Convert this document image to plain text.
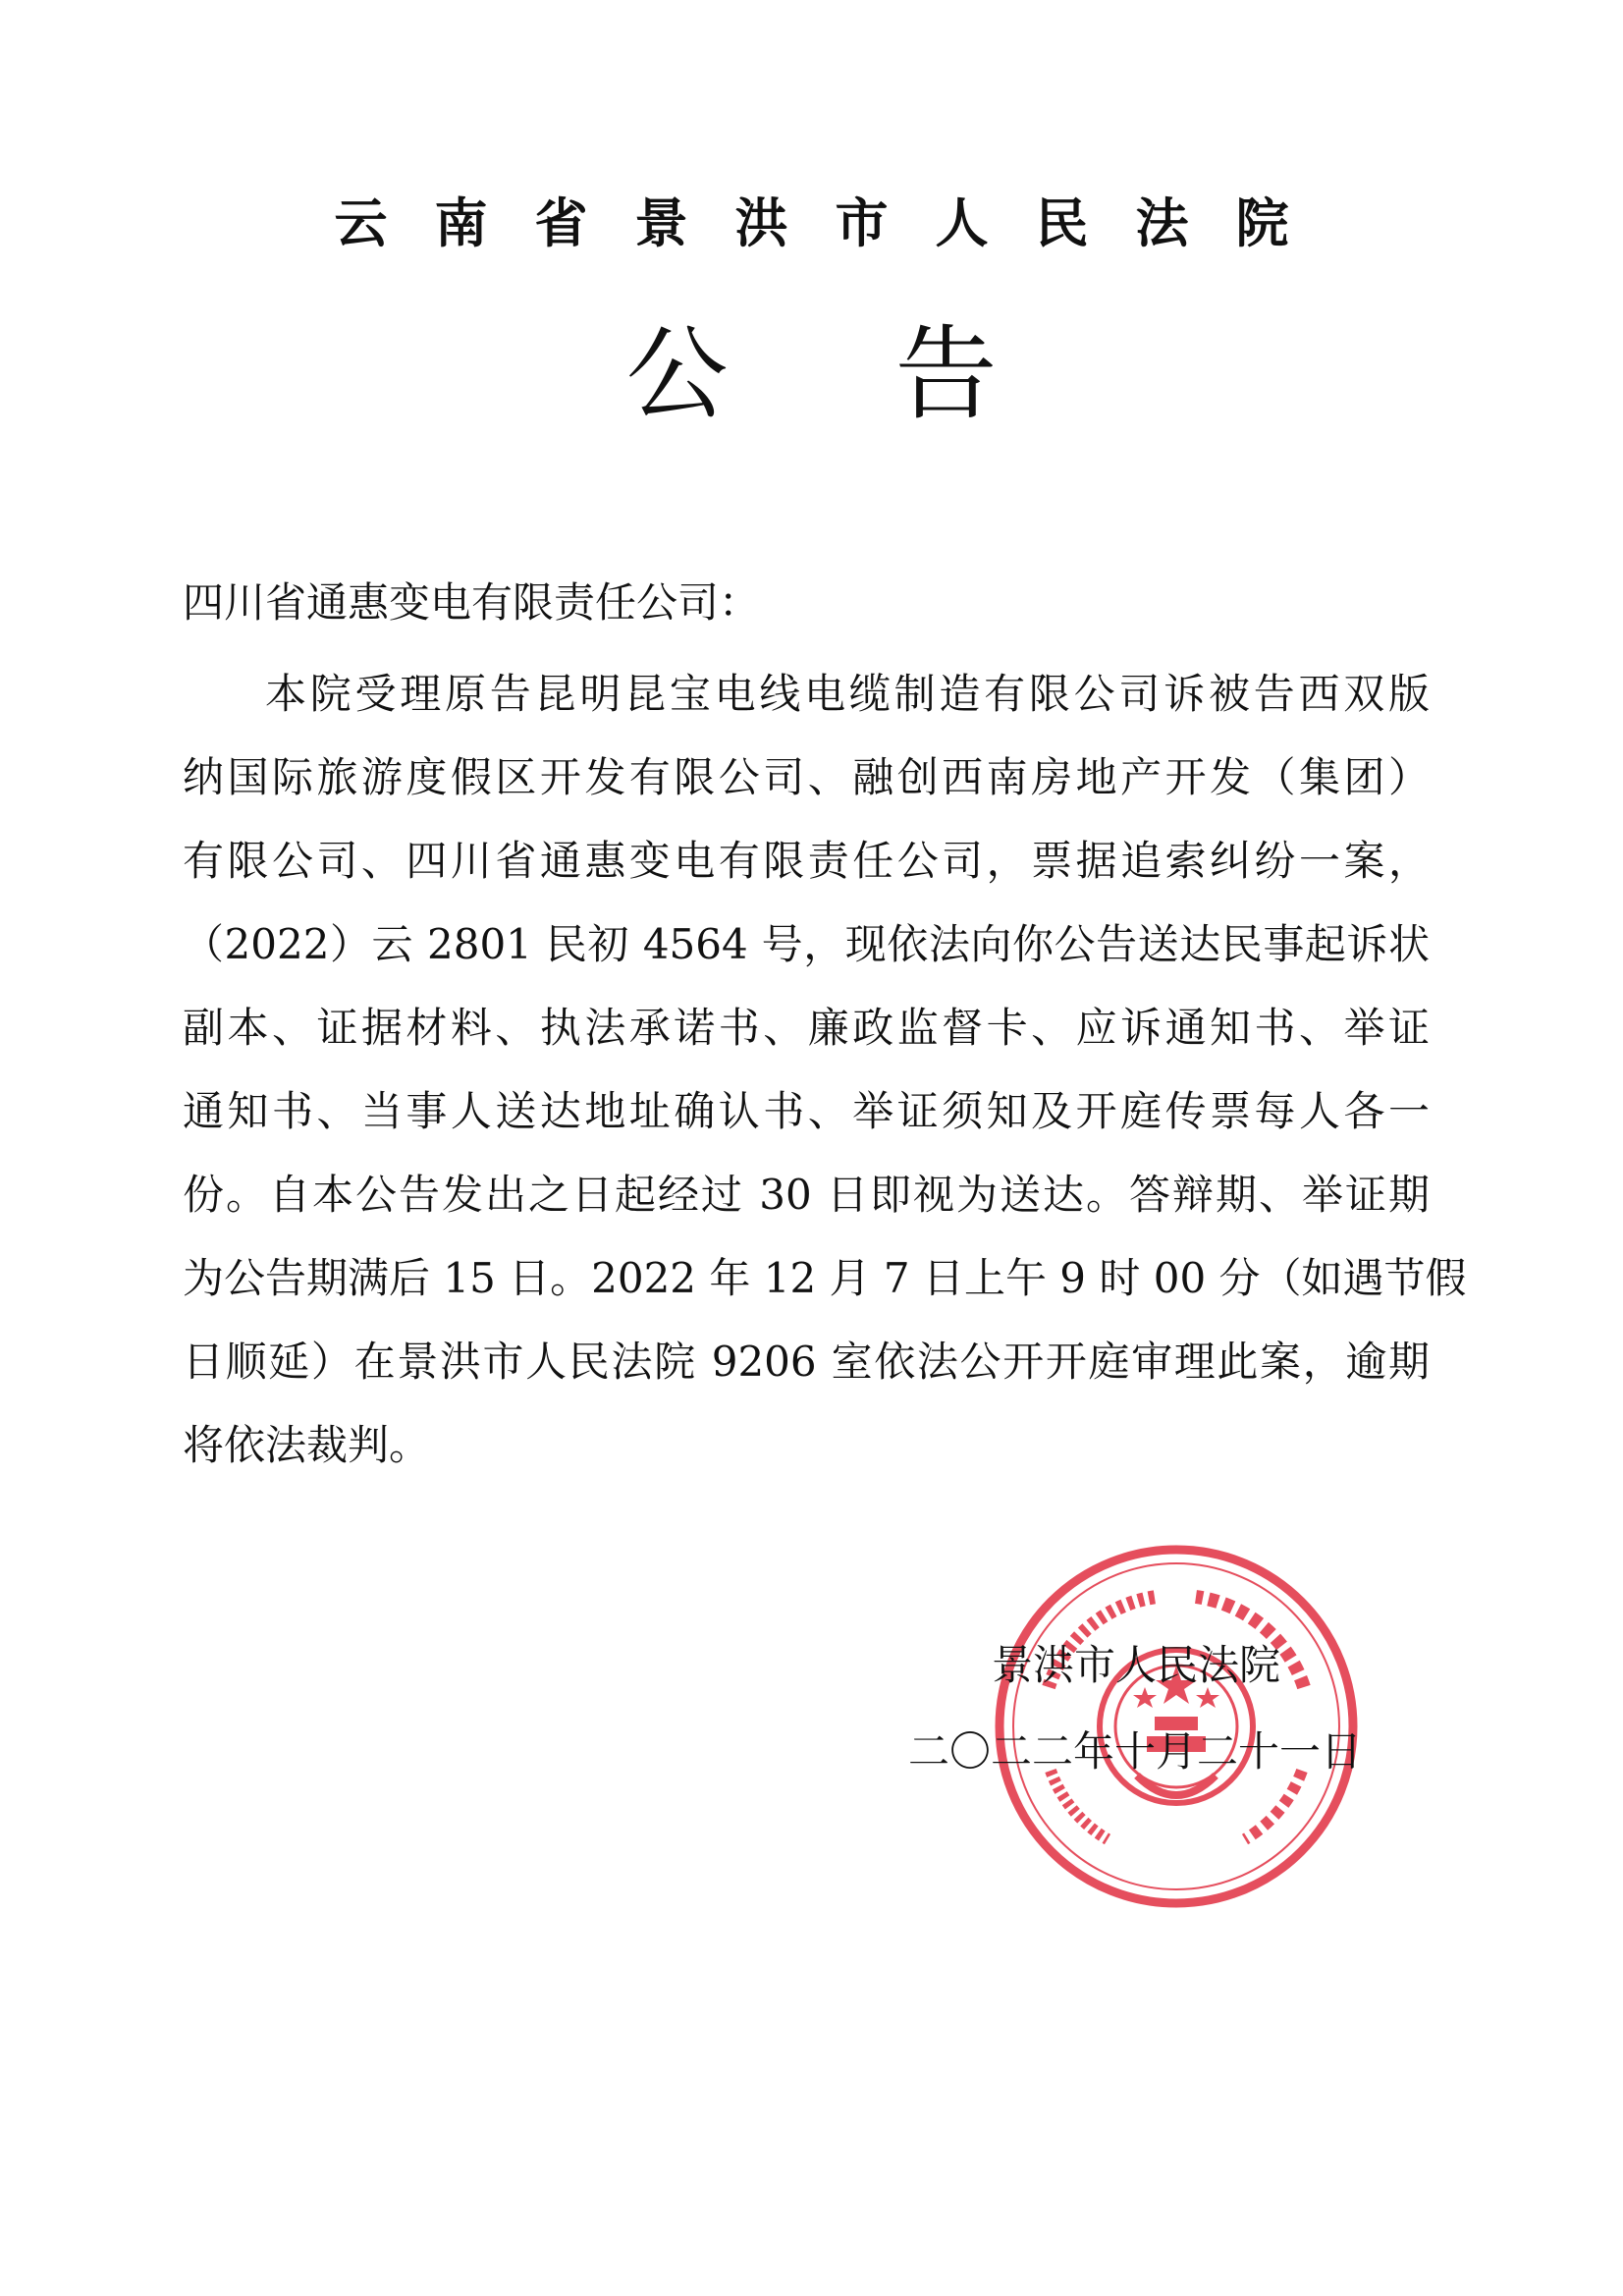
云南省景洪市人民法院
公告
四川省通惠变电有限责任公司：
本院受理原告昆明昆宝电线电缆制造有限公司诉被告西双版
纳国际旅游度假区开发有限公司、融创西南房地产开发（集团）
有限公司、四川省通惠变电有限责任公司，票据追索纠纷一案，
（2022）云 2801 民初 4564 号，现依法向你公告送达民事起诉状
副本、证据材料、执法承诺书、廉政监督卡、应诉通知书、举证
通知书、当事人送达地址确认书、举证须知及开庭传票每人各一
份。自本公告发出之日起经过 30 日即视为送达。答辩期、举证期
为公告期满后 15 日。2022 年 12 月 7 日上午 9 时 00 分（如遇节假
日顺延）在景洪市人民法院 9206 室依法公开开庭审理此案，逾期
将依法裁判。
景洪市人民法院
二〇二二年十月二十一日
